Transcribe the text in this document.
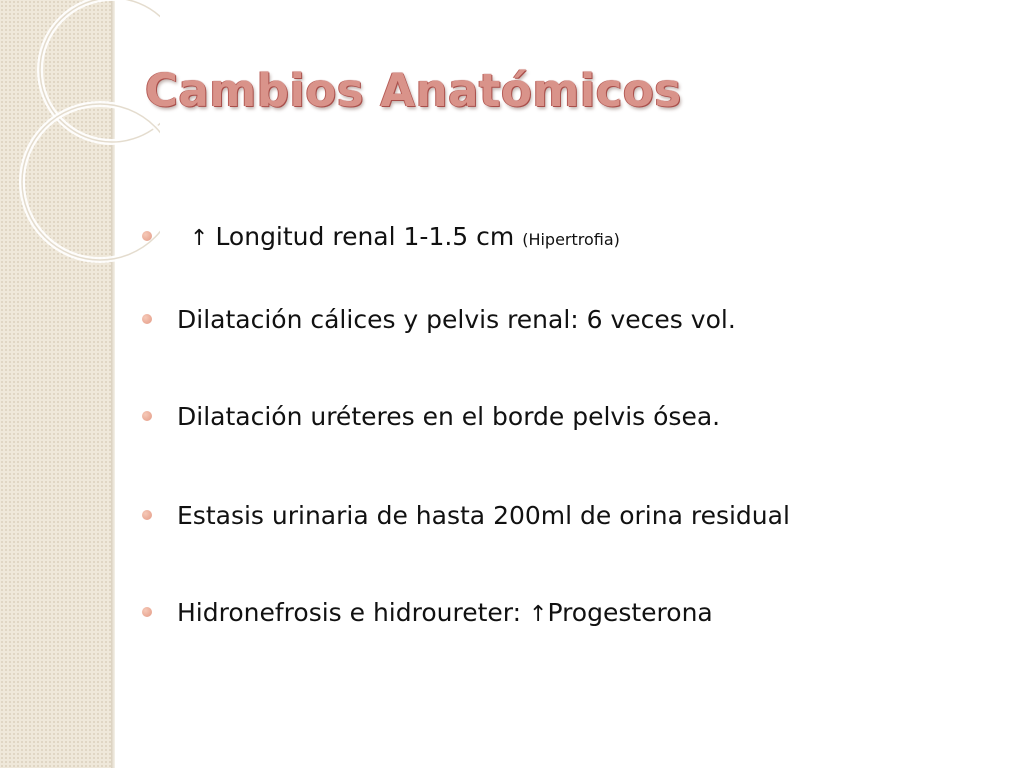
Cambios Anatómicos
↑ Longitud renal 1-1.5 cm (Hipertrofia)
Dilatación cálices y pelvis renal: 6 veces vol.
Dilatación uréteres en el borde pelvis ósea.
Estasis urinaria de hasta 200ml de orina residual
Hidronefrosis e hidroureter: ↑Progesterona
